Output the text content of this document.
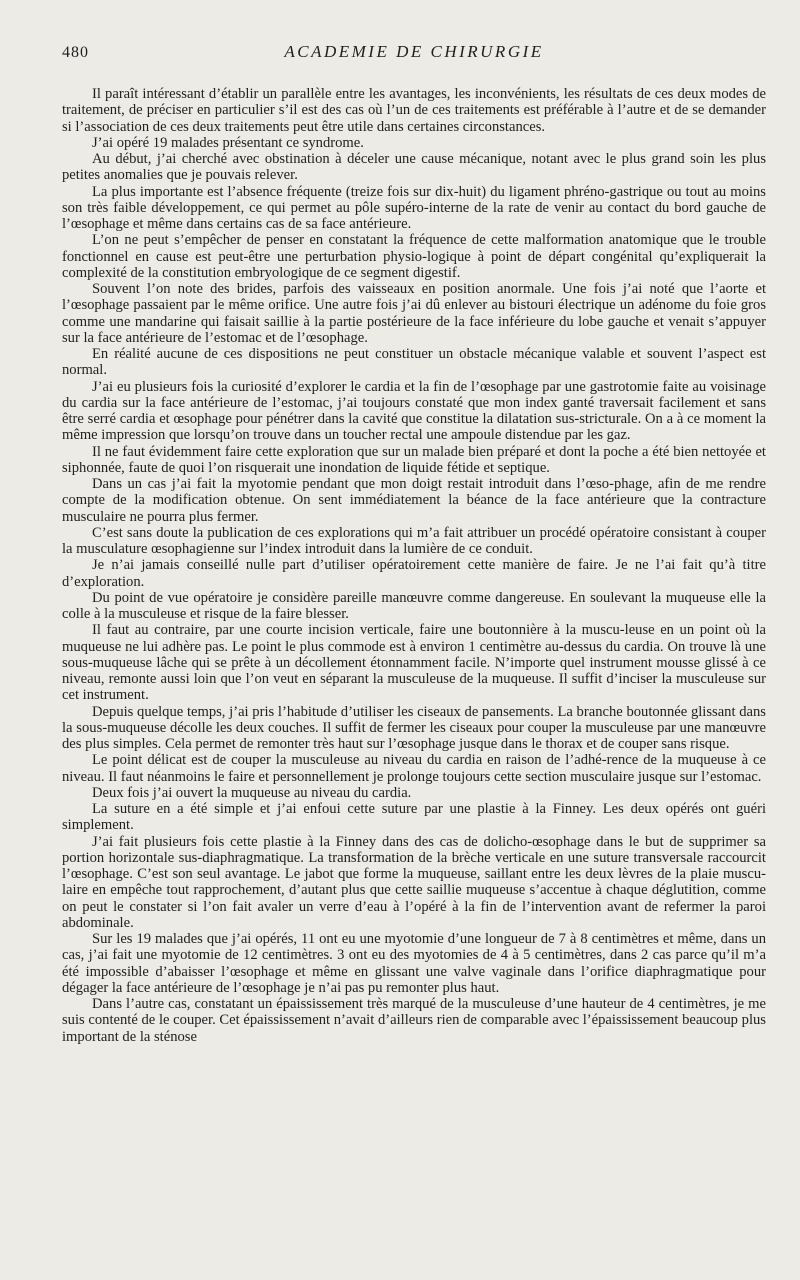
480	ACADEMIE DE CHIRURGIE

Il paraît intéressant d’établir un parallèle entre les avantages, les inconvénients, les résultats de ces deux modes de traitement, de préciser en particulier s’il est des cas où l’un de ces traitements est préférable à l’autre et de se demander si l’association de ces deux traitements peut être utile dans certaines circonstances.

J’ai opéré 19 malades présentant ce syndrome.

Au début, j’ai cherché avec obstination à déceler une cause mécanique, notant avec le plus grand soin les plus petites anomalies que je pouvais relever.

La plus importante est l’absence fréquente (treize fois sur dix-huit) du ligament phréno-gastrique ou tout au moins son très faible développement, ce qui permet au pôle supéro-interne de la rate de venir au contact du bord gauche de l’œsophage et même dans certains cas de sa face antérieure.

L’on ne peut s’empêcher de penser en constatant la fréquence de cette malformation anatomique que le trouble fonctionnel en cause est peut-être une perturbation physio-logique à point de départ congénital qu’expliquerait la complexité de la constitution embryologique de ce segment digestif.

Souvent l’on note des brides, parfois des vaisseaux en position anormale. Une fois j’ai noté que l’aorte et l’œsophage passaient par le même orifice. Une autre fois j’ai dû enlever au bistouri électrique un adénome du foie gros comme une mandarine qui faisait saillie à la partie postérieure de la face inférieure du lobe gauche et venait s’appuyer sur la face antérieure de l’estomac et de l’œsophage.

En réalité aucune de ces dispositions ne peut constituer un obstacle mécanique valable et souvent l’aspect est normal.

J’ai eu plusieurs fois la curiosité d’explorer le cardia et la fin de l’œsophage par une gastrotomie faite au voisinage du cardia sur la face antérieure de l’estomac, j’ai toujours constaté que mon index ganté traversait facilement et sans être serré cardia et œsophage pour pénétrer dans la cavité que constitue la dilatation sus-stricturale. On a à ce moment la même impression que lorsqu’on trouve dans un toucher rectal une ampoule distendue par les gaz.

Il ne faut évidemment faire cette exploration que sur un malade bien préparé et dont la poche a été bien nettoyée et siphonnée, faute de quoi l’on risquerait une inondation de liquide fétide et septique.

Dans un cas j’ai fait la myotomie pendant que mon doigt restait introduit dans l’œso-phage, afin de me rendre compte de la modification obtenue. On sent immédiatement la béance de la face antérieure que la contracture musculaire ne pourra plus fermer.

C’est sans doute la publication de ces explorations qui m’a fait attribuer un procédé opératoire consistant à couper la musculature œsophagienne sur l’index introduit dans la lumière de ce conduit.

Je n’ai jamais conseillé nulle part d’utiliser opératoirement cette manière de faire. Je ne l’ai fait qu’à titre d’exploration.

Du point de vue opératoire je considère pareille manœuvre comme dangereuse. En soulevant la muqueuse elle la colle à la musculeuse et risque de la faire blesser.

Il faut au contraire, par une courte incision verticale, faire une boutonnière à la muscu-leuse en un point où la muqueuse ne lui adhère pas. Le point le plus commode est à environ 1 centimètre au-dessus du cardia. On trouve là une sous-muqueuse lâche qui se prête à un décollement étonnamment facile. N’importe quel instrument mousse glissé à ce niveau, remonte aussi loin que l’on veut en séparant la musculeuse de la muqueuse. Il suffit d’inciser la musculeuse sur cet instrument.

Depuis quelque temps, j’ai pris l’habitude d’utiliser les ciseaux de pansements. La branche boutonnée glissant dans la sous-muqueuse décolle les deux couches. Il suffit de fermer les ciseaux pour couper la musculeuse par une manœuvre des plus simples. Cela permet de remonter très haut sur l’œsophage jusque dans le thorax et de couper sans risque.

Le point délicat est de couper la musculeuse au niveau du cardia en raison de l’adhé-rence de la muqueuse à ce niveau. Il faut néanmoins le faire et personnellement je prolonge toujours cette section musculaire jusque sur l’estomac.

Deux fois j’ai ouvert la muqueuse au niveau du cardia.

La suture en a été simple et j’ai enfoui cette suture par une plastie à la Finney. Les deux opérés ont guéri simplement.

J’ai fait plusieurs fois cette plastie à la Finney dans des cas de dolicho-œsophage dans le but de supprimer sa portion horizontale sus-diaphragmatique. La transformation de la brèche verticale en une suture transversale raccourcit l’œsophage. C’est son seul avantage. Le jabot que forme la muqueuse, saillant entre les deux lèvres de la plaie muscu-laire en empêche tout rapprochement, d’autant plus que cette saillie muqueuse s’accentue à chaque déglutition, comme on peut le constater si l’on fait avaler un verre d’eau à l’opéré à la fin de l’intervention avant de refermer la paroi abdominale.

Sur les 19 malades que j’ai opérés, 11 ont eu une myotomie d’une longueur de 7 à 8 centimètres et même, dans un cas, j’ai fait une myotomie de 12 centimètres. 3 ont eu des myotomies de 4 à 5 centimètres, dans 2 cas parce qu’il m’a été impossible d’abaisser l’œsophage et même en glissant une valve vaginale dans l’orifice diaphragmatique pour dégager la face antérieure de l’œsophage je n’ai pas pu remonter plus haut.

Dans l’autre cas, constatant un épaississement très marqué de la musculeuse d’une hauteur de 4 centimètres, je me suis contenté de le couper. Cet épaississement n’avait d’ailleurs rien de comparable avec l’épaississement beaucoup plus important de la sténose
